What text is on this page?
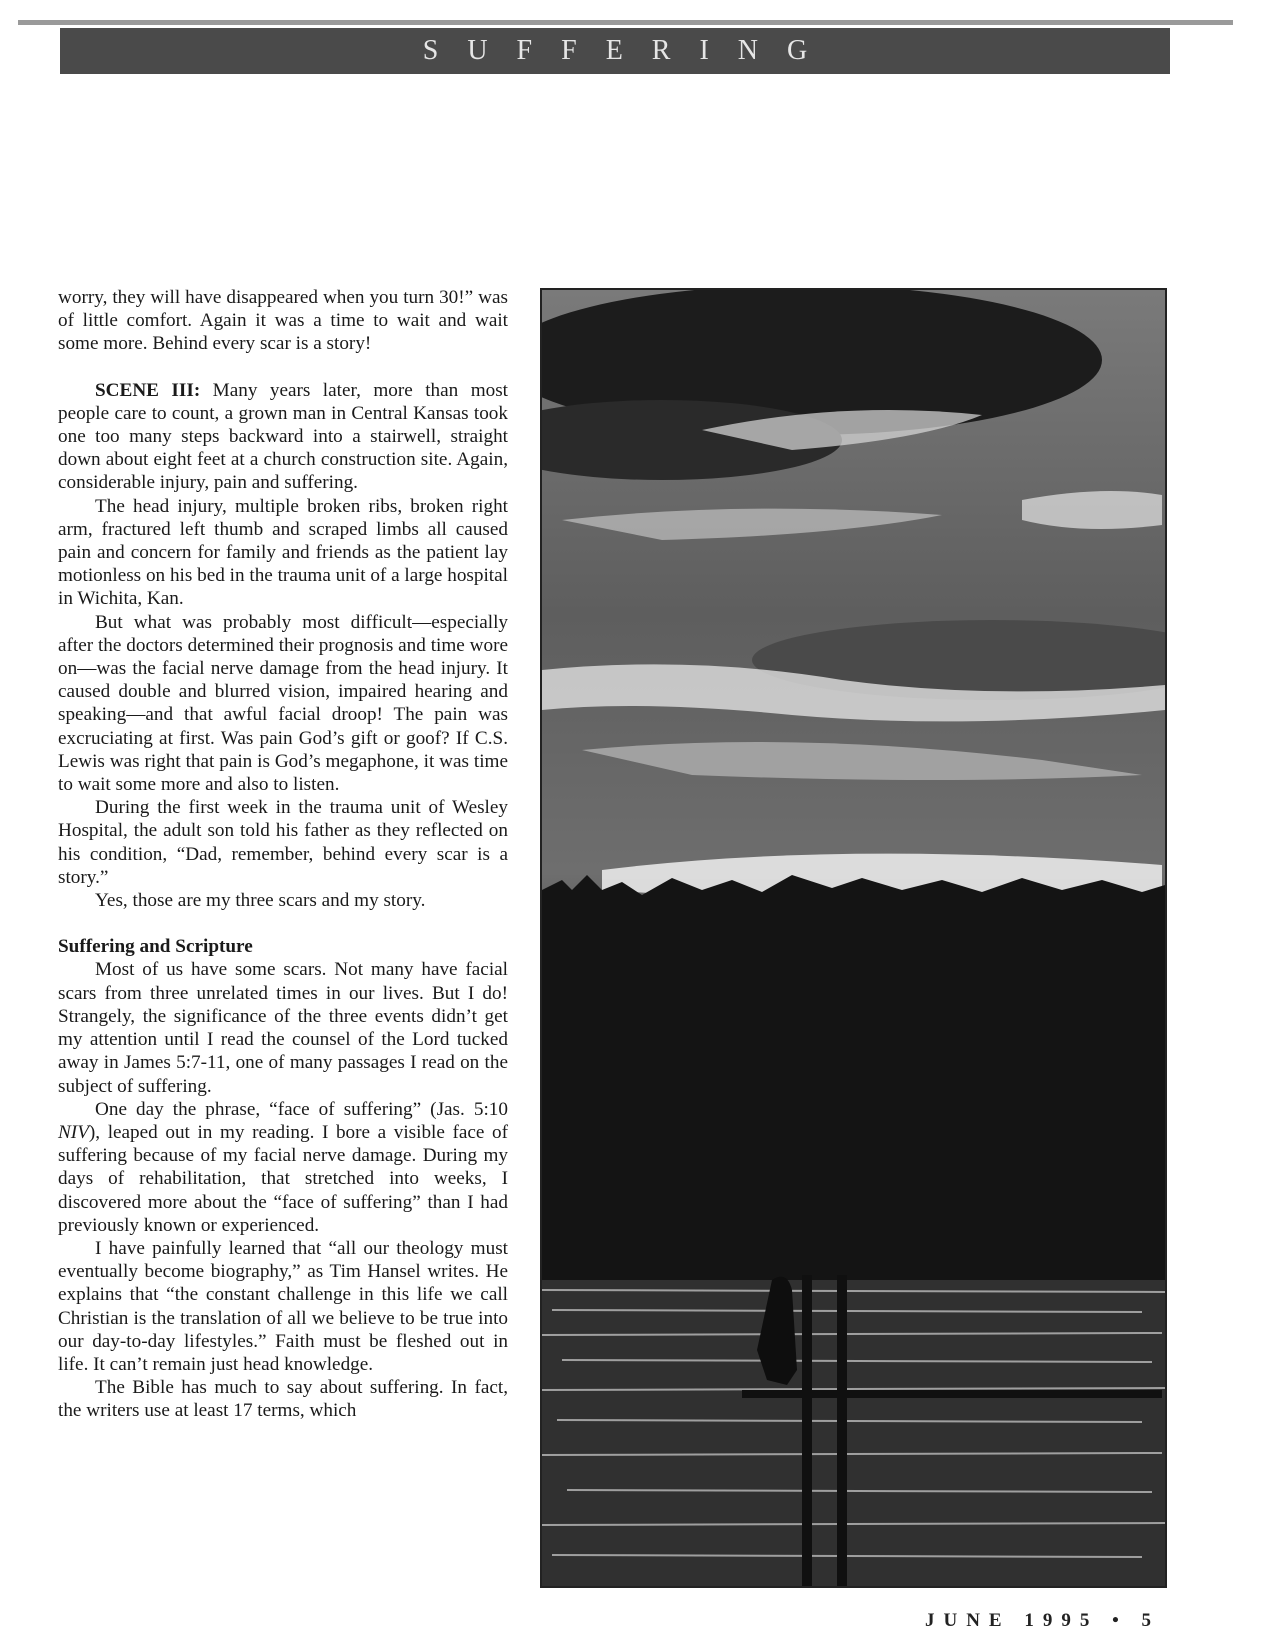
SUFFERING

worry, they will have disappeared when you turn 30!” was of little comfort. Again it was a time to wait and wait some more. Behind every scar is a story!

SCENE III: Many years later, more than most people care to count, a grown man in Central Kansas took one too many steps backward into a stairwell, straight down about eight feet at a church construction site. Again, considerable injury, pain and suffering.

The head injury, multiple broken ribs, broken right arm, fractured left thumb and scraped limbs all caused pain and concern for family and friends as the patient lay motionless on his bed in the trauma unit of a large hospital in Wichita, Kan.

But what was probably most difficult—especially after the doctors determined their prognosis and time wore on—was the facial nerve damage from the head injury. It caused double and blurred vision, impaired hearing and speaking—and that awful facial droop! The pain was excruciating at first. Was pain God’s gift or goof? If C.S. Lewis was right that pain is God’s megaphone, it was time to wait some more and also to listen.

During the first week in the trauma unit of Wesley Hospital, the adult son told his father as they reflected on his condition, “Dad, remember, behind every scar is a story.”

Yes, those are my three scars and my story.

Suffering and Scripture

Most of us have some scars. Not many have facial scars from three unrelated times in our lives. But I do! Strangely, the significance of the three events didn’t get my attention until I read the counsel of the Lord tucked away in James 5:7-11, one of many passages I read on the subject of suffering.

One day the phrase, “face of suffering” (Jas. 5:10 NIV), leaped out in my reading. I bore a visible face of suffering because of my facial nerve damage. During my days of rehabilitation, that stretched into weeks, I discovered more about the “face of suffering” than I had previously known or experienced.

I have painfully learned that “all our theology must eventually become biography,” as Tim Hansel writes. He explains that “the constant challenge in this life we call Christian is the translation of all we believe to be true into our day-to-day lifestyles.” Faith must be fleshed out in life. It can’t remain just head knowledge.

The Bible has much to say about suffering. In fact, the writers use at least 17 terms, which

JUNE 1995 • 5
